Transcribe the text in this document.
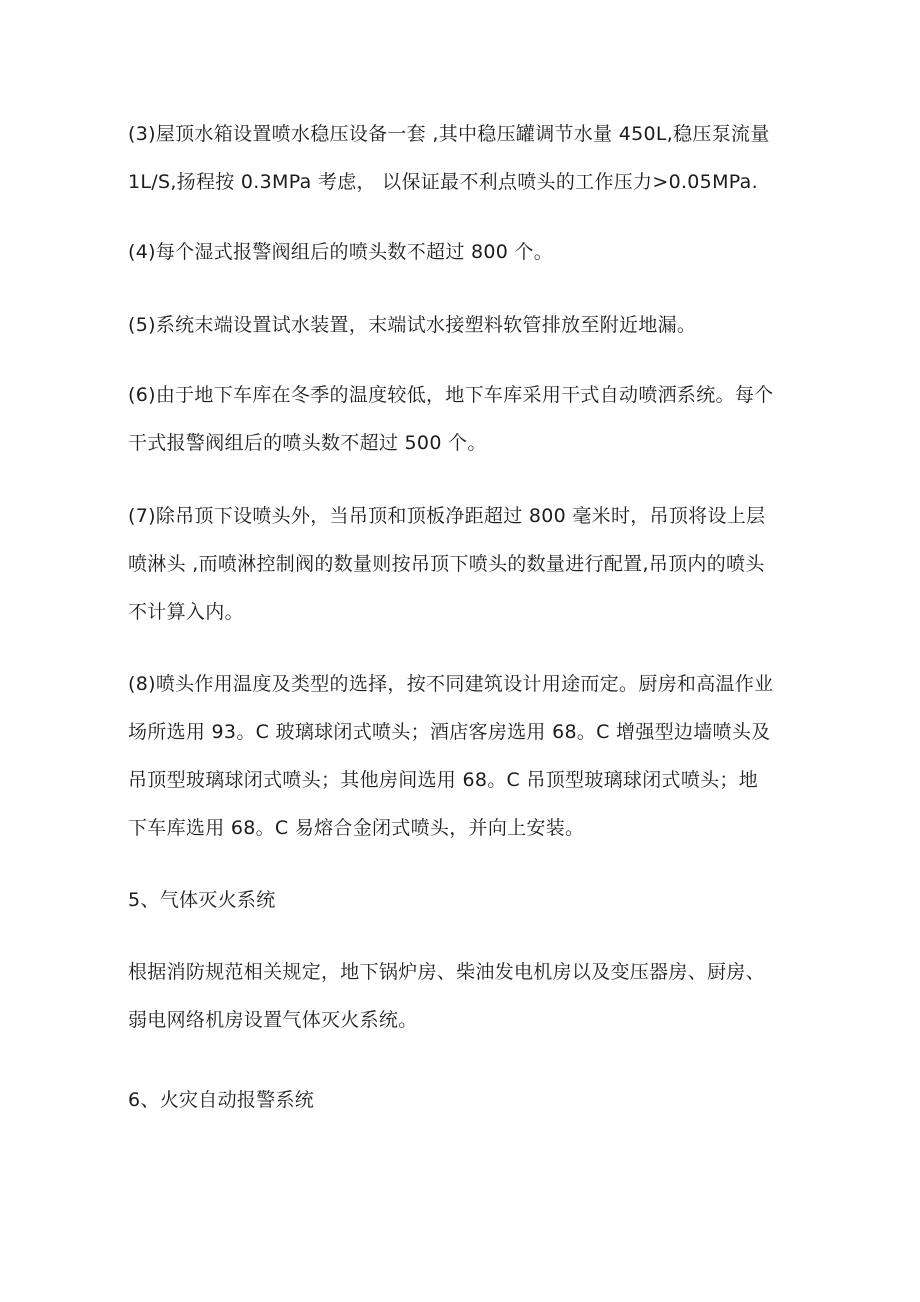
(3)屋顶水箱设置喷水稳压设备一套 ,其中稳压罐调节水量 450L,稳压泵流量
1L/S,扬程按 0.3MPa 考虑， 以保证最不利点喷头的工作压力>0.05MPa.
(4)每个湿式报警阀组后的喷头数不超过 800 个。
(5)系统末端设置试水装置，末端试水接塑料软管排放至附近地漏。
(6)由于地下车库在冬季的温度较低，地下车库采用干式自动喷洒系统。每个
干式报警阀组后的喷头数不超过 500 个。
(7)除吊顶下设喷头外，当吊顶和顶板净距超过 800 毫米时，吊顶将设上层
喷淋头 ,而喷淋控制阀的数量则按吊顶下喷头的数量进行配置,吊顶内的喷头
不计算入内。
(8)喷头作用温度及类型的选择，按不同建筑设计用途而定。厨房和高温作业
场所选用 93。C 玻璃球闭式喷头；酒店客房选用 68。C 增强型边墙喷头及
吊顶型玻璃球闭式喷头；其他房间选用 68。C 吊顶型玻璃球闭式喷头；地
下车库选用 68。C 易熔合金闭式喷头，并向上安装。
5、气体灭火系统
根据消防规范相关规定，地下锅炉房、柴油发电机房以及变压器房、厨房、
弱电网络机房设置气体灭火系统。
6、火灾自动报警系统
